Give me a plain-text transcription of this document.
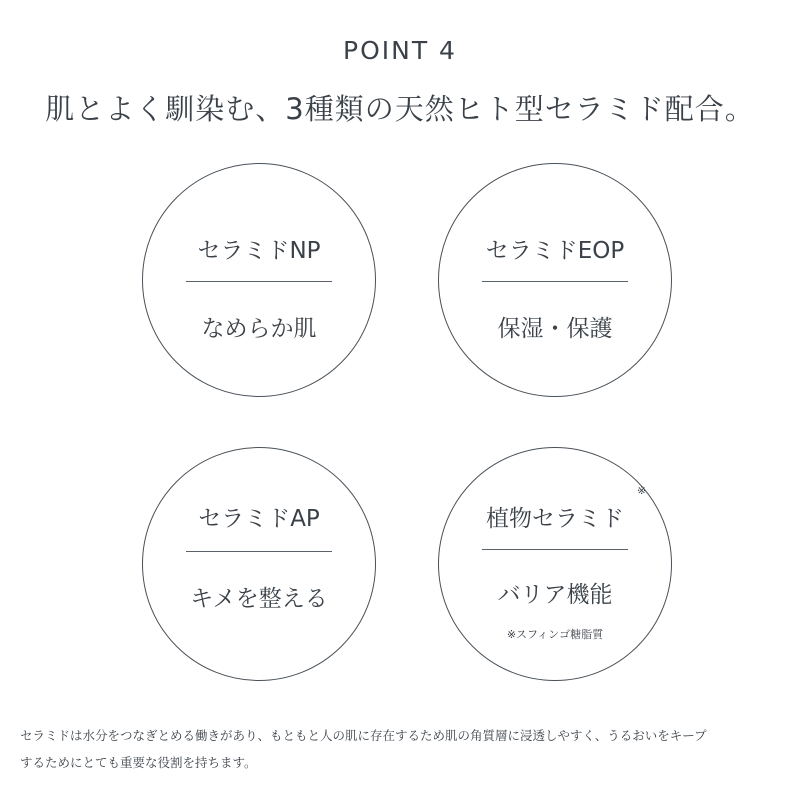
POINT 4
肌とよく馴染む、3種類の天然ヒト型セラミド配合。
セラミドNP
なめらか肌
セラミドEOP
保湿・保護
セラミドAP
キメを整える
植物セラミド
※
バリア機能
※スフィンゴ糖脂質
セラミドは水分をつなぎとめる働きがあり、もともと人の肌に存在するため肌の角質層に浸透しやすく、うるおいをキープ
するためにとても重要な役割を持ちます。
